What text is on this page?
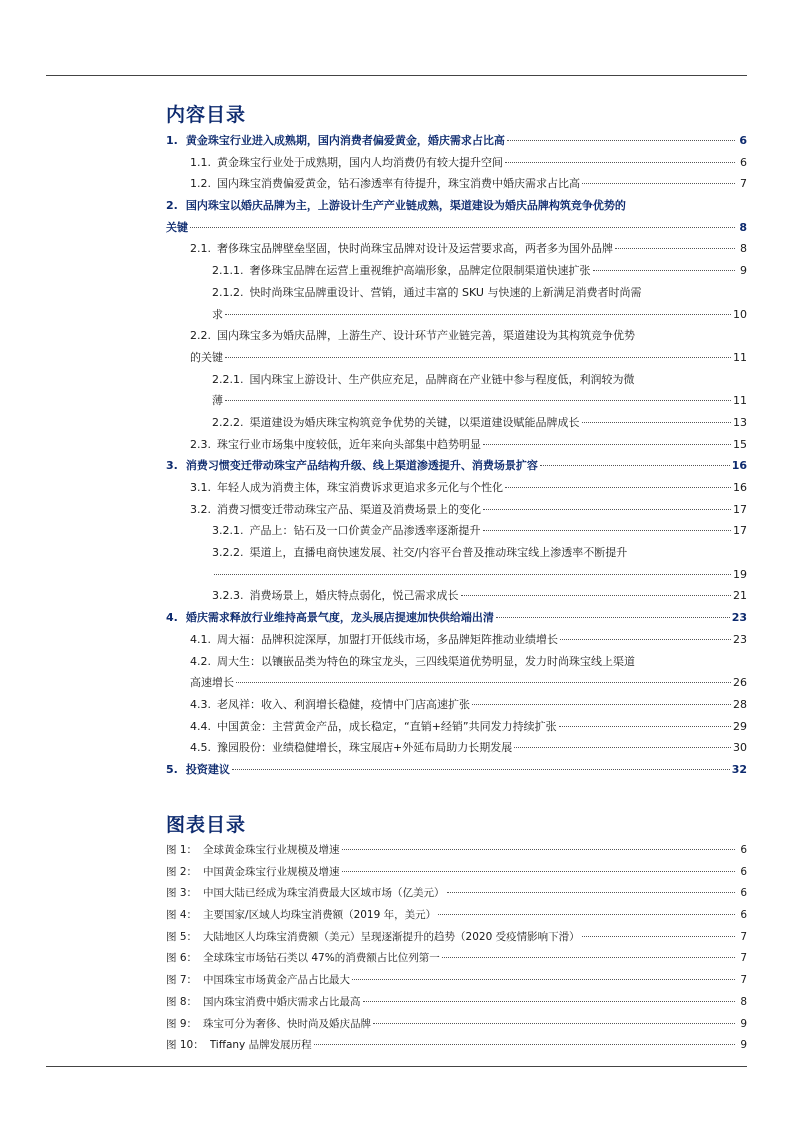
内容目录
1. 黄金珠宝行业进入成熟期，国内消费者偏爱黄金，婚庆需求占比高	6
1.1. 黄金珠宝行业处于成熟期，国内人均消费仍有较大提升空间	6
1.2. 国内珠宝消费偏爱黄金，钻石渗透率有待提升，珠宝消费中婚庆需求占比高	7
2. 国内珠宝以婚庆品牌为主，上游设计生产产业链成熟，渠道建设为婚庆品牌构筑竞争优势的
关键	8
2.1. 奢侈珠宝品牌壁垒坚固，快时尚珠宝品牌对设计及运营要求高，两者多为国外品牌	8
2.1.1. 奢侈珠宝品牌在运营上重视维护高端形象，品牌定位限制渠道快速扩张	9
2.1.2. 快时尚珠宝品牌重设计、营销，通过丰富的 SKU 与快速的上新满足消费者时尚需
求	10
2.2. 国内珠宝多为婚庆品牌，上游生产、设计环节产业链完善，渠道建设为其构筑竞争优势
的关键	11
2.2.1. 国内珠宝上游设计、生产供应充足，品牌商在产业链中参与程度低，利润较为微
薄	11
2.2.2. 渠道建设为婚庆珠宝构筑竞争优势的关键，以渠道建设赋能品牌成长	13
2.3. 珠宝行业市场集中度较低，近年来向头部集中趋势明显	15
3. 消费习惯变迁带动珠宝产品结构升级、线上渠道渗透提升、消费场景扩容	16
3.1. 年轻人成为消费主体，珠宝消费诉求更追求多元化与个性化	16
3.2. 消费习惯变迁带动珠宝产品、渠道及消费场景上的变化	17
3.2.1. 产品上：钻石及一口价黄金产品渗透率逐渐提升	17
3.2.2. 渠道上，直播电商快速发展、社交/内容平台普及推动珠宝线上渗透率不断提升
19
3.2.3. 消费场景上，婚庆特点弱化，悦己需求成长	21
4. 婚庆需求释放行业维持高景气度，龙头展店提速加快供给端出清	23
4.1. 周大福：品牌积淀深厚，加盟打开低线市场，多品牌矩阵推动业绩增长	23
4.2. 周大生：以镶嵌品类为特色的珠宝龙头，三四线渠道优势明显，发力时尚珠宝线上渠道
高速增长	26
4.3. 老凤祥：收入、利润增长稳健，疫情中门店高速扩张	28
4.4. 中国黄金：主营黄金产品，成长稳定，“直销+经销”共同发力持续扩张	29
4.5. 豫园股份：业绩稳健增长，珠宝展店+外延布局助力长期发展	30
5. 投资建议	32
图表目录
图 1： 全球黄金珠宝行业规模及增速	6
图 2： 中国黄金珠宝行业规模及增速	6
图 3： 中国大陆已经成为珠宝消费最大区域市场（亿美元）	6
图 4： 主要国家/区域人均珠宝消费额（2019 年，美元）	6
图 5： 大陆地区人均珠宝消费额（美元）呈现逐渐提升的趋势（2020 受疫情影响下滑）	7
图 6： 全球珠宝市场钻石类以 47%的消费额占比位列第一	7
图 7： 中国珠宝市场黄金产品占比最大	7
图 8： 国内珠宝消费中婚庆需求占比最高	8
图 9： 珠宝可分为奢侈、快时尚及婚庆品牌	9
图 10： Tiffany 品牌发展历程	9
